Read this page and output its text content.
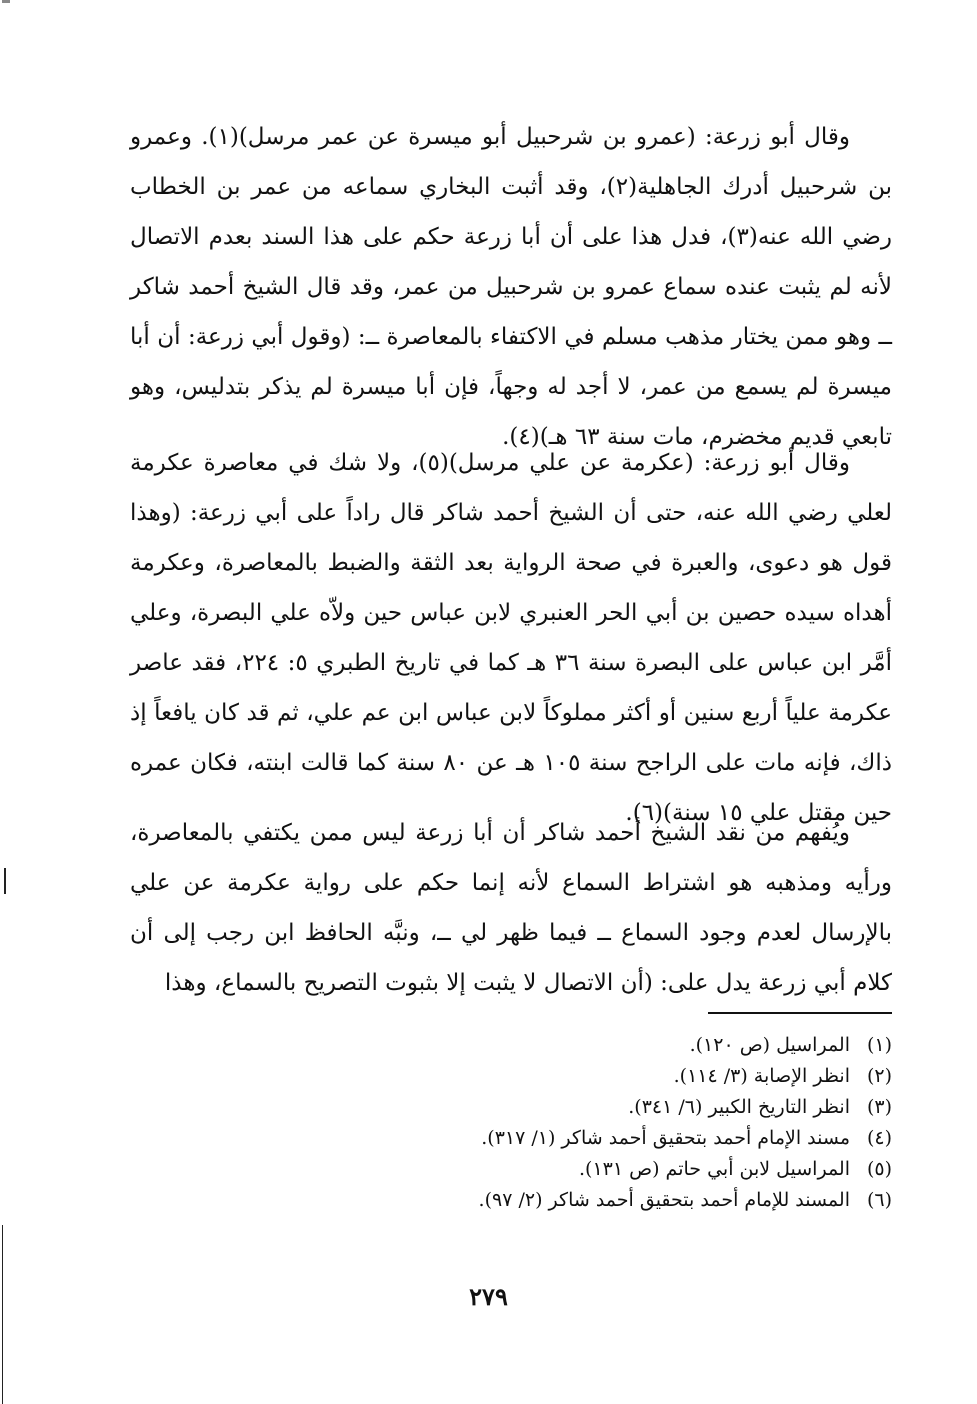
وقال أبو زرعة: (عمرو بن شرحبيل أبو ميسرة عن عمر مرسل)(١). وعمرو بن شرحبيل أدرك الجاهلية(٢)، وقد أثبت البخاري سماعه من عمر بن الخطاب رضي الله عنه(٣)، فدل هذا على أن أبا زرعة حكم على هذا السند بعدم الاتصال لأنه لم يثبت عنده سماع عمرو بن شرحبيل من عمر، وقد قال الشيخ أحمد شاكر ــ وهو ممن يختار مذهب مسلم في الاكتفاء بالمعاصرة ــ: (وقول أبي زرعة: أن أبا ميسرة لم يسمع من عمر، لا أجد له وجهاً، فإن أبا ميسرة لم يذكر بتدليس، وهو تابعي قديم مخضرم، مات سنة ٦٣ هـ)(٤).

وقال أبو زرعة: (عكرمة عن علي مرسل)(٥)، ولا شك في معاصرة عكرمة لعلي رضي الله عنه، حتى أن الشيخ أحمد شاكر قال راداً على أبي زرعة: (وهذا قول هو دعوى، والعبرة في صحة الرواية بعد الثقة والضبط بالمعاصرة، وعكرمة أهداه سيده حصين بن أبي الحر العنبري لابن عباس حين ولاّه علي البصرة، وعلي أمَّر ابن عباس على البصرة سنة ٣٦ هـ كما في تاريخ الطبري ٥: ٢٢٤، فقد عاصر عكرمة علياً أربع سنين أو أكثر مملوكاً لابن عباس ابن عم علي، ثم قد كان يافعاً إذ ذاك، فإنه مات على الراجح سنة ١٠٥ هـ عن ٨٠ سنة كما قالت ابنته، فكان عمره حين مقتل علي ١٥ سنة)(٦).

ويُفهم من نقد الشيخ أحمد شاكر أن أبا زرعة ليس ممن يكتفي بالمعاصرة، ورأيه ومذهبه هو اشتراط السماع لأنه إنما حكم على رواية عكرمة عن علي بالإرسال لعدم وجود السماع ــ فيما ظهر لي ــ، ونبَّه الحافظ ابن رجب إلى أن كلام أبي زرعة يدل على: (أن الاتصال لا يثبت إلا بثبوت التصريح بالسماع، وهذا

(١)
المراسيل (ص ١٢٠).
(٢)
انظر الإصابة (٣/ ١١٤).
(٣)
انظر التاريخ الكبير (٦/ ٣٤١).
(٤)
مسند الإمام أحمد بتحقيق أحمد شاكر (١/ ٣١٧).
(٥)
المراسيل لابن أبي حاتم (ص ١٣١).
(٦)
المسند للإمام أحمد بتحقيق أحمد شاكر (٢/ ٩٧).
٢٧٩
